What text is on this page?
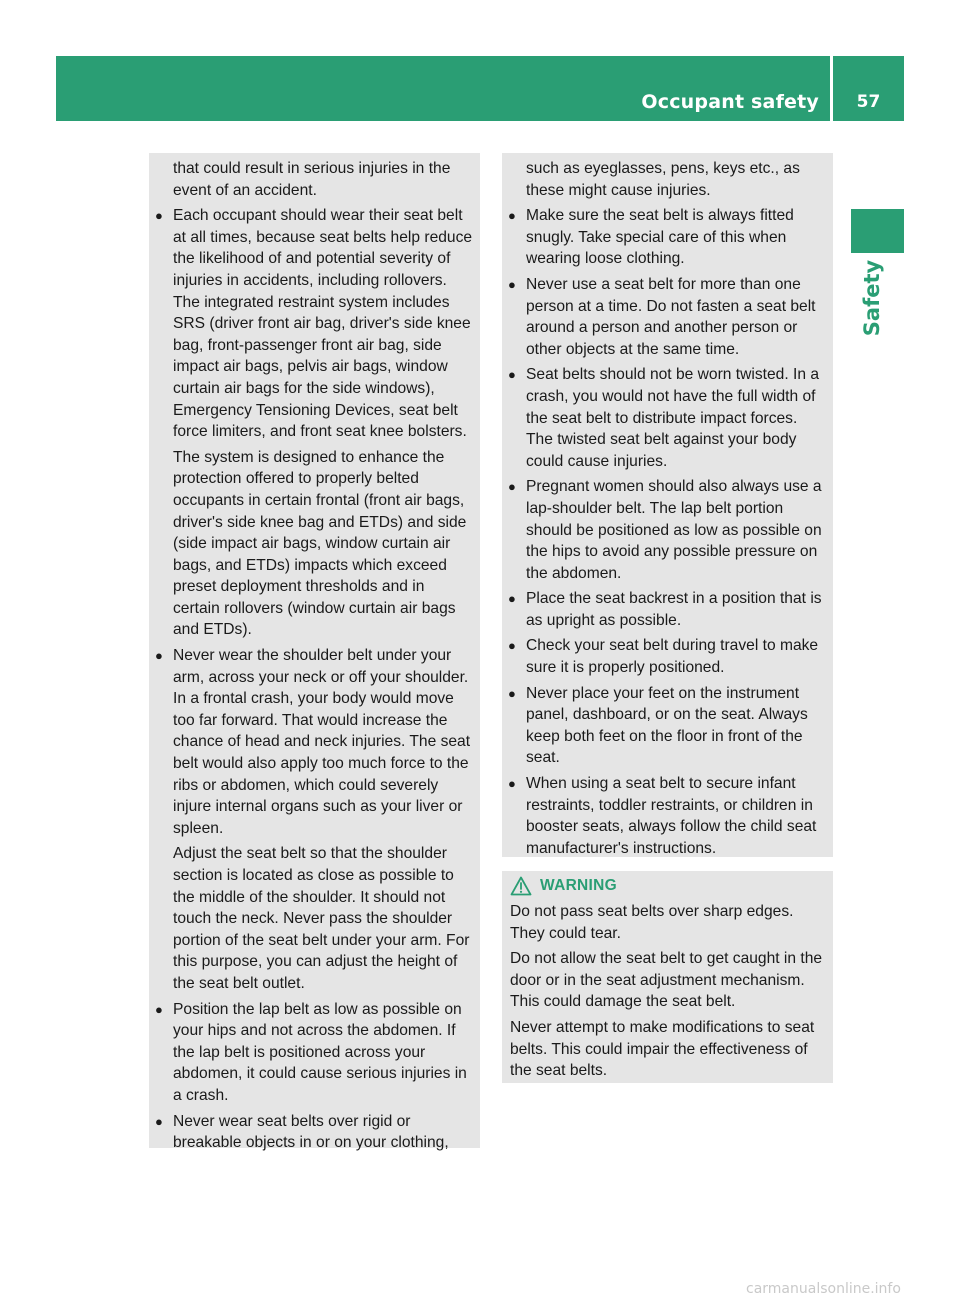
Occupant safety	57
Safety

that could result in serious injuries in the event of an accident.

● Each occupant should wear their seat belt at all times, because seat belts help reduce the likelihood of and potential severity of injuries in accidents, including rollovers. The integrated restraint system includes SRS (driver front air bag, driver's side knee bag, front-passenger front air bag, side impact air bags, pelvis air bags, window curtain air bags for the side windows), Emergency Tensioning Devices, seat belt force limiters, and front seat knee bolsters.

The system is designed to enhance the protection offered to properly belted occupants in certain frontal (front air bags, driver's side knee bag and ETDs) and side (side impact air bags, window curtain air bags, and ETDs) impacts which exceed preset deployment thresholds and in certain rollovers (window curtain air bags and ETDs).

● Never wear the shoulder belt under your arm, across your neck or off your shoulder. In a frontal crash, your body would move too far forward. That would increase the chance of head and neck injuries. The seat belt would also apply too much force to the ribs or abdomen, which could severely injure internal organs such as your liver or spleen.

Adjust the seat belt so that the shoulder section is located as close as possible to the middle of the shoulder. It should not touch the neck. Never pass the shoulder portion of the seat belt under your arm. For this purpose, you can adjust the height of the seat belt outlet.

● Position the lap belt as low as possible on your hips and not across the abdomen. If the lap belt is positioned across your abdomen, it could cause serious injuries in a crash.
● Never wear seat belts over rigid or breakable objects in or on your clothing,

such as eyeglasses, pens, keys etc., as these might cause injuries.

● Make sure the seat belt is always fitted snugly. Take special care of this when wearing loose clothing.
● Never use a seat belt for more than one person at a time. Do not fasten a seat belt around a person and another person or other objects at the same time.
● Seat belts should not be worn twisted. In a crash, you would not have the full width of the seat belt to distribute impact forces. The twisted seat belt against your body could cause injuries.
● Pregnant women should also always use a lap-shoulder belt. The lap belt portion should be positioned as low as possible on the hips to avoid any possible pressure on the abdomen.
● Place the seat backrest in a position that is as upright as possible.
● Check your seat belt during travel to make sure it is properly positioned.
● Never place your feet on the instrument panel, dashboard, or on the seat. Always keep both feet on the floor in front of the seat.
● When using a seat belt to secure infant restraints, toddler restraints, or children in booster seats, always follow the child seat manufacturer's instructions.
WARNING

Do not pass seat belts over sharp edges. They could tear.

Do not allow the seat belt to get caught in the door or in the seat adjustment mechanism. This could damage the seat belt.

Never attempt to make modifications to seat belts. This could impair the effectiveness of the seat belts.

carmanualsonline.info
